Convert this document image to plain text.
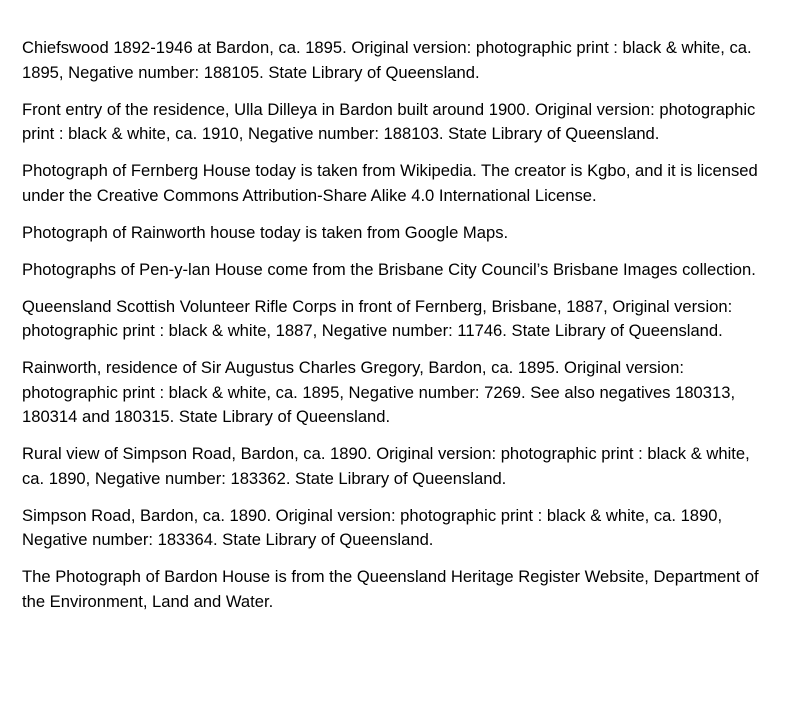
Chiefswood 1892-1946 at Bardon, ca. 1895. Original version: photographic print : black & white, ca. 1895, Negative number: 188105. State Library of Queensland.

Front entry of the residence, Ulla Dilleya in Bardon built around 1900. Original version: photographic print : black & white, ca. 1910, Negative number: 188103. State Library of Queensland.

Photograph of Fernberg House today is taken from Wikipedia. The creator is Kgbo, and it is licensed  under the Creative Commons Attribution-Share Alike 4.0 International License.

Photograph of Rainworth house today is taken from Google Maps.

Photographs of Pen-y-lan House come from the Brisbane City Council’s Brisbane Images collection.

Queensland Scottish Volunteer Rifle Corps in front of Fernberg, Brisbane, 1887, Original version: photographic print : black & white, 1887, Negative number: 11746. State Library of Queensland.

Rainworth, residence of Sir Augustus Charles Gregory, Bardon, ca. 1895. Original version: photographic print : black & white, ca. 1895, Negative number: 7269. See also negatives 180313, 180314 and 180315. State Library of Queensland.

Rural view of Simpson Road, Bardon, ca. 1890. Original version: photographic print : black & white, ca. 1890, Negative number: 183362. State Library of Queensland.

Simpson Road, Bardon, ca. 1890. Original version: photographic print : black & white, ca. 1890, Negative number: 183364. State Library of Queensland.

The Photograph of Bardon House is from the Queensland Heritage Register Website, Department of the Environment, Land and Water.
